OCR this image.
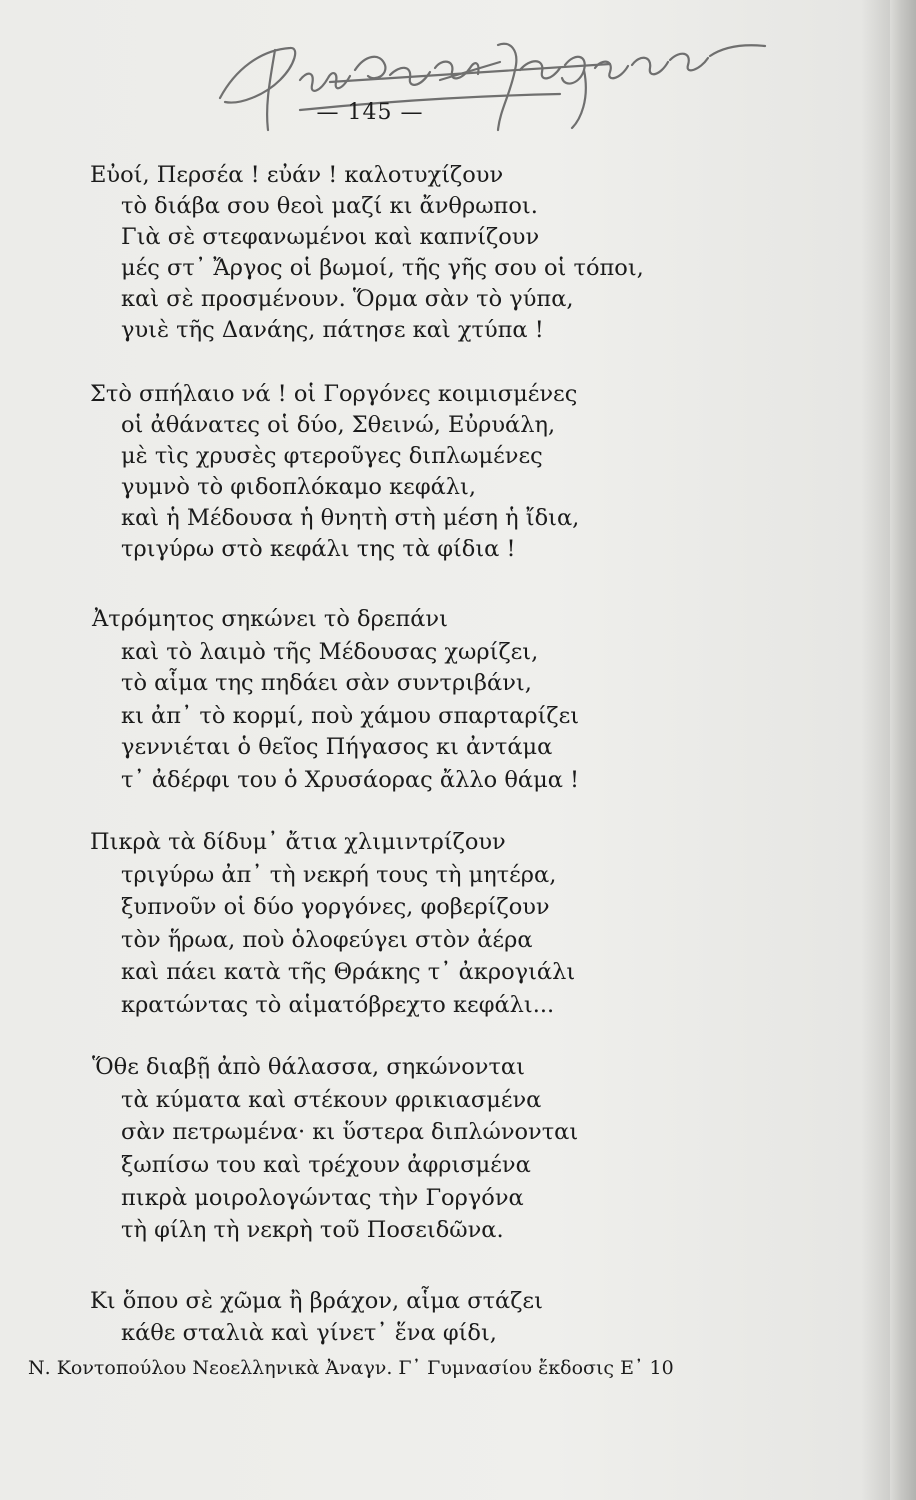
— 145 —
Εὐοί, Περσέα ! εὐάν ! καλοτυχίζουν
τὸ διάβα σου θεοὶ μαζί κι ἄνθρωποι.
Γιὰ σὲ στεφανωμένοι καὶ καπνίζουν
μές στ᾽ Ἄργος οἱ βωμοί, τῆς γῆς σου οἱ τόποι,
καὶ σὲ προσμένουν. Ὅρμα σὰν τὸ γύπα,
γυιὲ τῆς Δανάης, πάτησε καὶ χτύπα !
Στὸ σπήλαιο νά ! οἱ Γοργόνες κοιμισμένες
οἱ ἀθάνατες οἱ δύο, Σθεινώ, Εὐρυάλη,
μὲ τὶς χρυσὲς φτεροῦγες διπλωμένες
γυμνὸ τὸ φιδοπλόκαμο κεφάλι,
καὶ ἡ Μέδουσα ἡ θνητὴ στὴ μέση ἡ ἴδια,
τριγύρω στὸ κεφάλι της τὰ φίδια !
Ἀτρόμητος σηκώνει τὸ δρεπάνι
καὶ τὸ λαιμὸ τῆς Μέδουσας χωρίζει,
τὸ αἷμα της πηδάει σὰν συντριβάνι,
κι ἀπ᾽ τὸ κορμί, ποὺ χάμου σπαρταρίζει
γεννιέται ὁ θεῖος Πήγασος κι ἀντάμα
τ᾽ ἀδέρφι του ὁ Χρυσάορας ἄλλο θάμα !
Πικρὰ τὰ δίδυμ᾽ ἄτια χλιμιντρίζουν
τριγύρω ἀπ᾽ τὴ νεκρή τους τὴ μητέρα,
ξυπνοῦν οἱ δύο γοργόνες, φοβερίζουν
τὸν ἥρωα, ποὺ ὁλοφεύγει στὸν ἀέρα
καὶ πάει κατὰ τῆς Θράκης τ᾽ ἀκρογιάλι
κρατώντας τὸ αἱματόβρεχτο κεφάλι...
Ὅθε διαβῇ ἀπὸ θάλασσα, σηκώνονται
τὰ κύματα καὶ στέκουν φρικιασμένα
σὰν πετρωμένα· κι ὕστερα διπλώνονται
ξωπίσω του καὶ τρέχουν ἀφρισμένα
πικρὰ μοιρολογώντας τὴν Γοργόνα
τὴ φίλη τὴ νεκρὴ τοῦ Ποσειδῶνα.
Κι ὅπου σὲ χῶμα ἢ βράχον, αἷμα στάζει
κάθε σταλιὰ καὶ γίνετ᾽ ἕνα φίδι,
Ν. Κοντοπούλου Νεοελληνικὰ Ἀναγν. Γ᾽ Γυμνασίου ἔκδοσις Ε᾽ 10
